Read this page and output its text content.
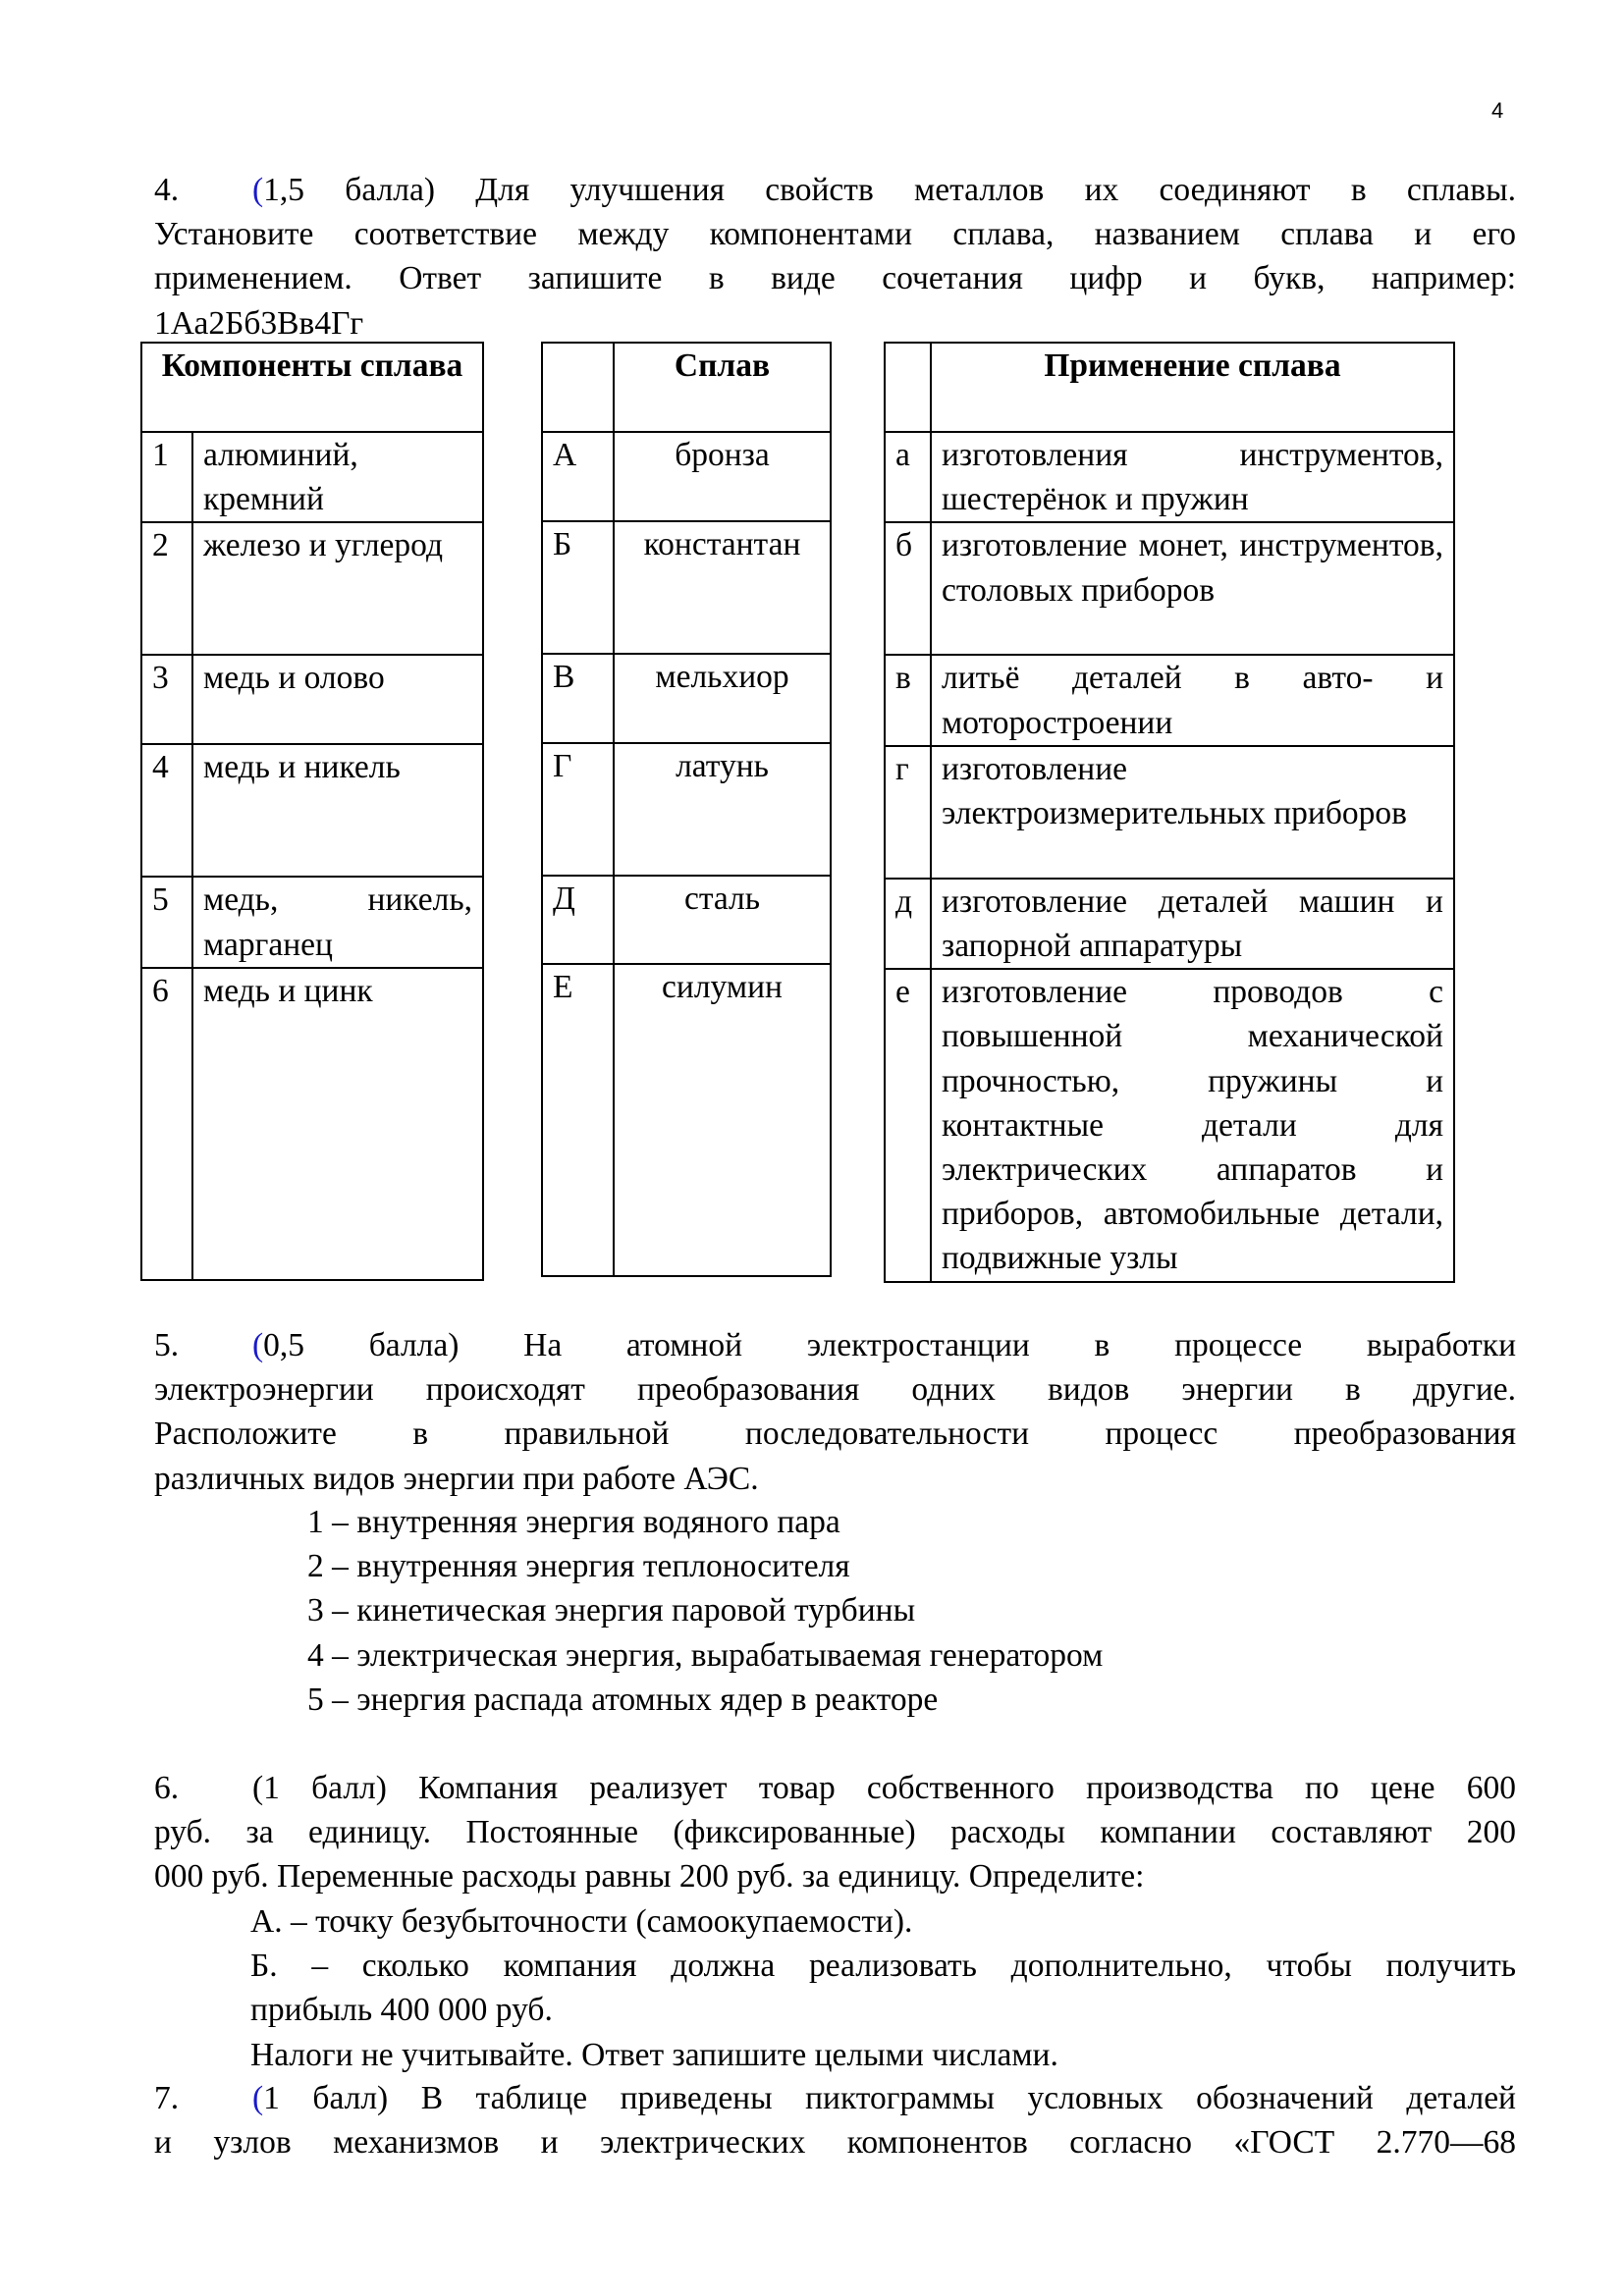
4
4. (1,5 балла) Для улучшения свойств металлов их соединяют в сплавы.
Установите соответствие между компонентами сплава, названием сплава и его
применением. Ответ запишите в виде сочетания цифр и букв, например:
1Аа2Бб3Вв4Гг
Компоненты сплава	
1	алюминий, кремний
2	железо и углерод
3	медь и олово
4	медь и никель
5	медь, никель, марганец
6	медь и цинк
	Сплав
А	бронза
Б	константан
В	мельхиор
Г	латунь
Д	сталь
Е	силумин
	Применение сплава
а	изготовления инструментов, шестерёнок и пружин
б	изготовление монет, инструментов, столовых приборов
в	литьё деталей в авто- и моторостроении
г	изготовление электроизмерительных приборов
д	изготовление деталей машин и запорной аппаратуры
е	изготовление проводов с повышенной механической прочностью, пружины и контактные детали для электрических аппаратов и приборов, автомобильные детали, подвижные узлы
5. (0,5 балла) На атомной электростанции в процессе выработки
электроэнергии происходят преобразования одних видов энергии в другие.
Расположите в правильной последовательности процесс преобразования
различных видов энергии при работе АЭС.
1 – внутренняя энергия водяного пара
2 – внутренняя энергия теплоносителя
3 – кинетическая энергия паровой турбины
4 – электрическая энергия, вырабатываемая генератором
5 – энергия распада атомных ядер в реакторе
6. (1 балл) Компания реализует товар собственного производства по цене 600
руб. за единицу. Постоянные (фиксированные) расходы компании составляют 200
000 руб. Переменные расходы равны 200 руб. за единицу. Определите:
А. – точку безубыточности (самоокупаемости).
Б. – сколько компания должна реализовать дополнительно, чтобы получить
прибыль 400 000 руб.
Налоги не учитывайте. Ответ запишите целыми числами.
7. (1 балл) В таблице приведены пиктограммы условных обозначений деталей
и узлов механизмов и электрических компонентов согласно «ГОСТ 2.770—68
